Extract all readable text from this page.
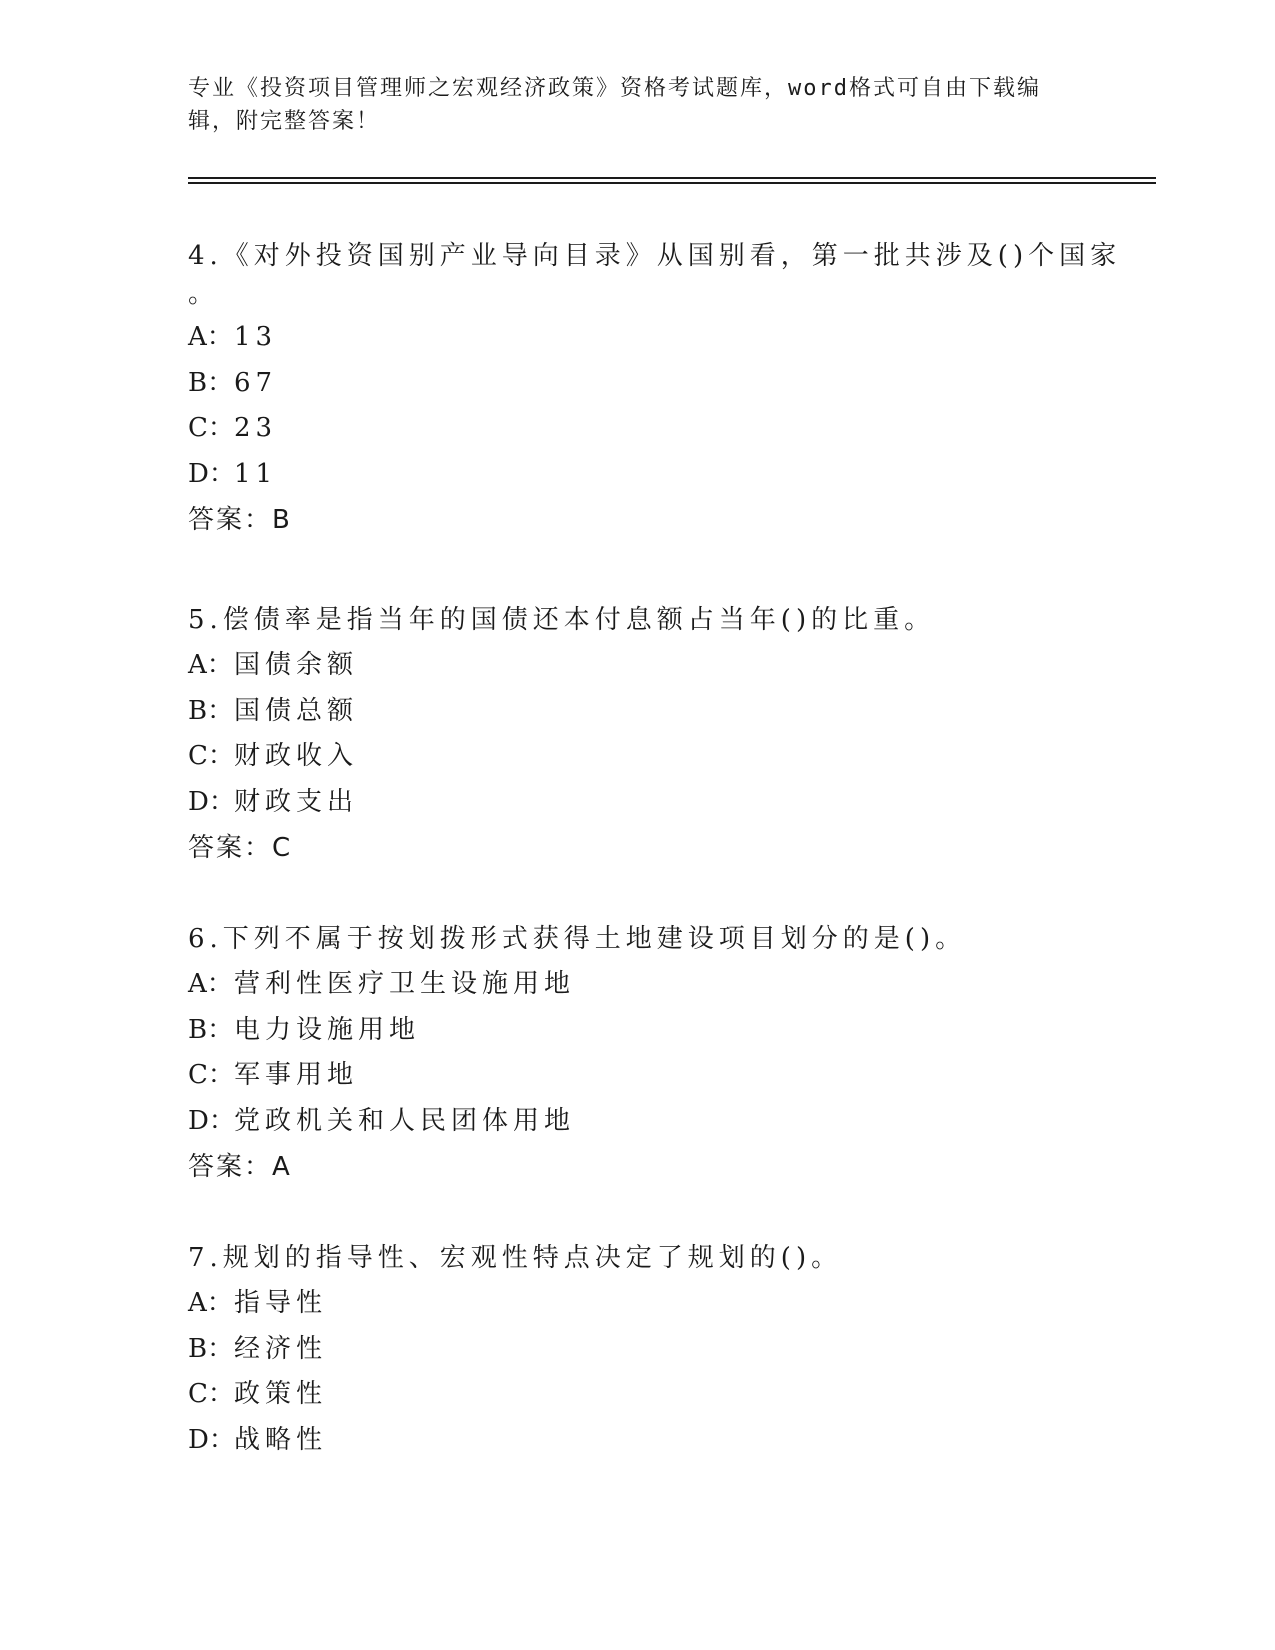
专业《投资项目管理师之宏观经济政策》资格考试题库，word格式可自由下载编
辑，附完整答案！
4.《对外投资国别产业导向目录》从国别看，第一批共涉及()个国家
。
A：13
B：67
C：23
D：11
答案：B
5.偿债率是指当年的国债还本付息额占当年()的比重。
A：国债余额
B：国债总额
C：财政收入
D：财政支出
答案：C
6.下列不属于按划拨形式获得土地建设项目划分的是()。
A：营利性医疗卫生设施用地
B：电力设施用地
C：军事用地
D：党政机关和人民团体用地
答案：A
7.规划的指导性、宏观性特点决定了规划的()。
A：指导性
B：经济性
C：政策性
D：战略性
